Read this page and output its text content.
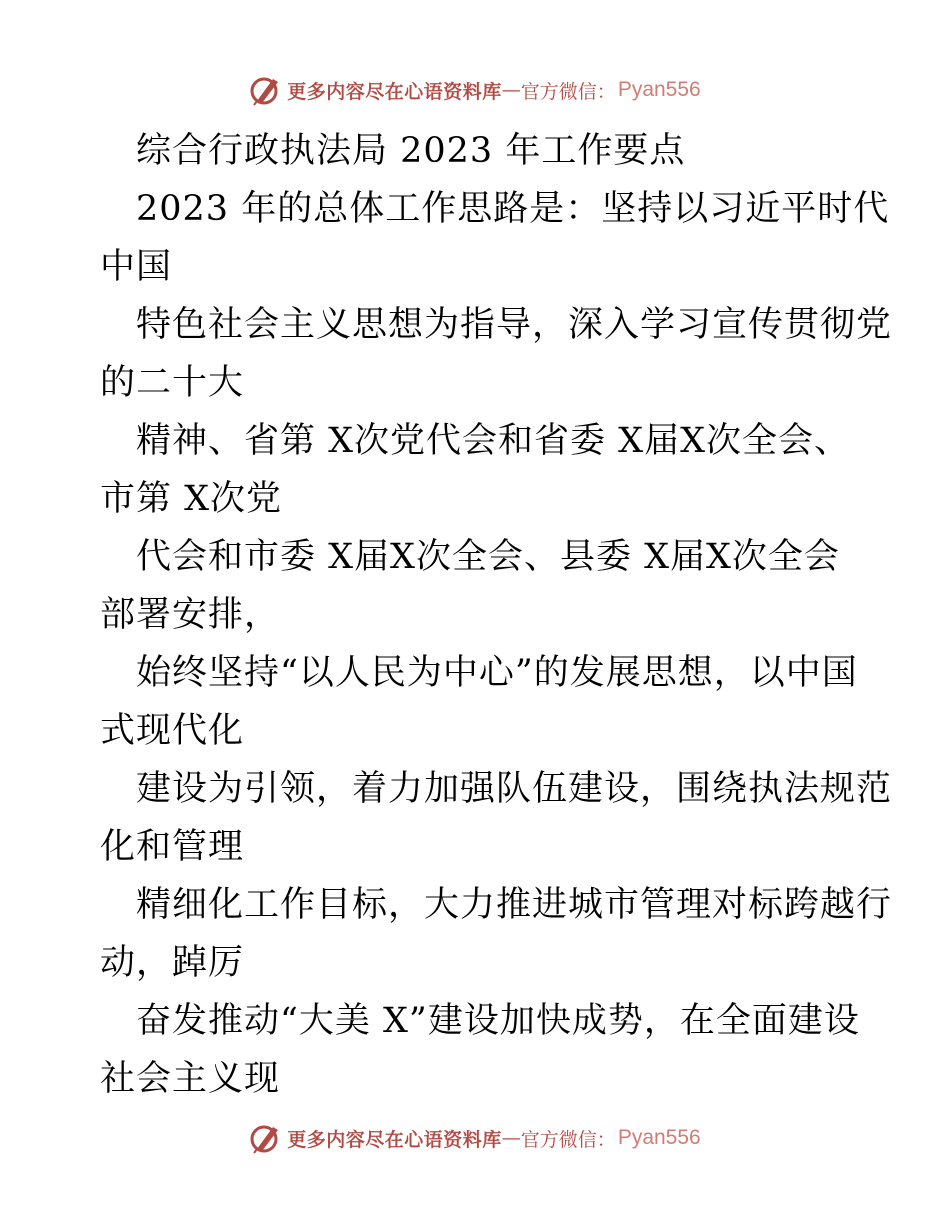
更多内容尽在心语资料库 — 官方微信： Pyan556
综合行政执法局 2023 年工作要点
2023 年的总体工作思路是：坚持以习近平时代
中国
特色社会主义思想为指导，深入学习宣传贯彻党
的二十大
精神、省第 X次党代会和省委 X届X次全会、
市第 X次党
代会和市委 X届X次全会、县委 X届X次全会
部署安排，
始终坚持“以人民为中心”的发展思想，以中国
式现代化
建设为引领，着力加强队伍建设，围绕执法规范
化和管理
精细化工作目标，大力推进城市管理对标跨越行
动，踔厉
奋发推动“大美 X”建设加快成势，在全面建设
社会主义现
更多内容尽在心语资料库 — 官方微信： Pyan556
